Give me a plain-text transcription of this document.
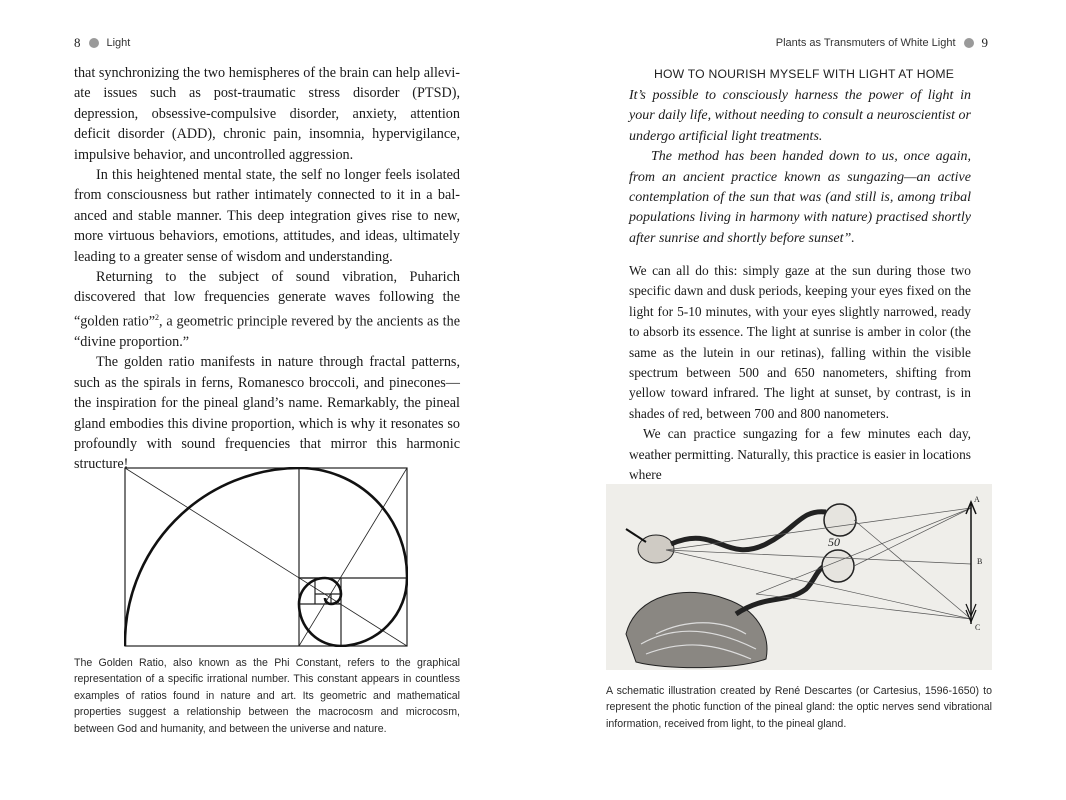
8 Light

that synchronizing the two hemispheres of the brain can help alleviate issues such as post-traumatic stress disorder (PTSD), depression, obsessive-compulsive disorder, anxiety, attention deficit disorder (ADD), chronic pain, insomnia, hypervigilance, impulsive behavior, and uncontrolled aggression.

In this heightened mental state, the self no longer feels isolated from consciousness but rather intimately connected to it in a balanced and stable manner. This deep integration gives rise to new, more virtuous behaviors, emotions, attitudes, and ideas, ultimately leading to a greater sense of wisdom and understanding.

Returning to the subject of sound vibration, Puharich discovered that low frequencies generate waves following the “golden ratio”$^2$, a geometric principle revered by the ancients as the “divine proportion.”

The golden ratio manifests in nature through fractal patterns, such as the spirals in ferns, Romanesco broccoli, and pinecones—the inspiration for the pineal gland’s name. Remarkably, the pineal gland embodies this divine proportion, which is why it resonates so profoundly with sound frequencies that mirror this harmonic structure!

The Golden Ratio, also known as the Phi Constant, refers to the graphical representation of a specific irrational number. This constant appears in countless examples of ratios found in nature and art. Its geometric and mathematical properties suggest a relationship between the macrocosm and microcosm, between God and humanity, and between the universe and nature.
Plants as Transmuters of White Light 9
HOW TO NOURISH MYSELF WITH LIGHT AT HOME

It’s possible to consciously harness the power of light in your daily life, without needing to consult a neuroscientist or undergo artificial light treatments.

The method has been handed down to us, once again, from an ancient practice known as sungazing—an active contemplation of the sun that was (and still is, among tribal populations living in harmony with nature) practised shortly after sunrise and shortly before sunset”.

We can all do this: simply gaze at the sun during those two specific dawn and dusk periods, keeping your eyes fixed on the light for 5-10 minutes, with your eyes slightly narrowed, ready to absorb its essence. The light at sunrise is amber in color (the same as the lutein in our retinas), falling within the visible spectrum between 500 and 650 nanometers, shifting from yellow toward infrared. The light at sunset, by contrast, is in shades of red, between 700 and 800 nanometers.

We can practice sungazing for a few minutes each day, weather permitting. Naturally, this practice is easier in locations where

50
A
B
C
A schematic illustration created by René Descartes (or Cartesius, 1596-1650) to represent the photic function of the pineal gland: the optic nerves send vibrational information, received from light, to the pineal gland.
